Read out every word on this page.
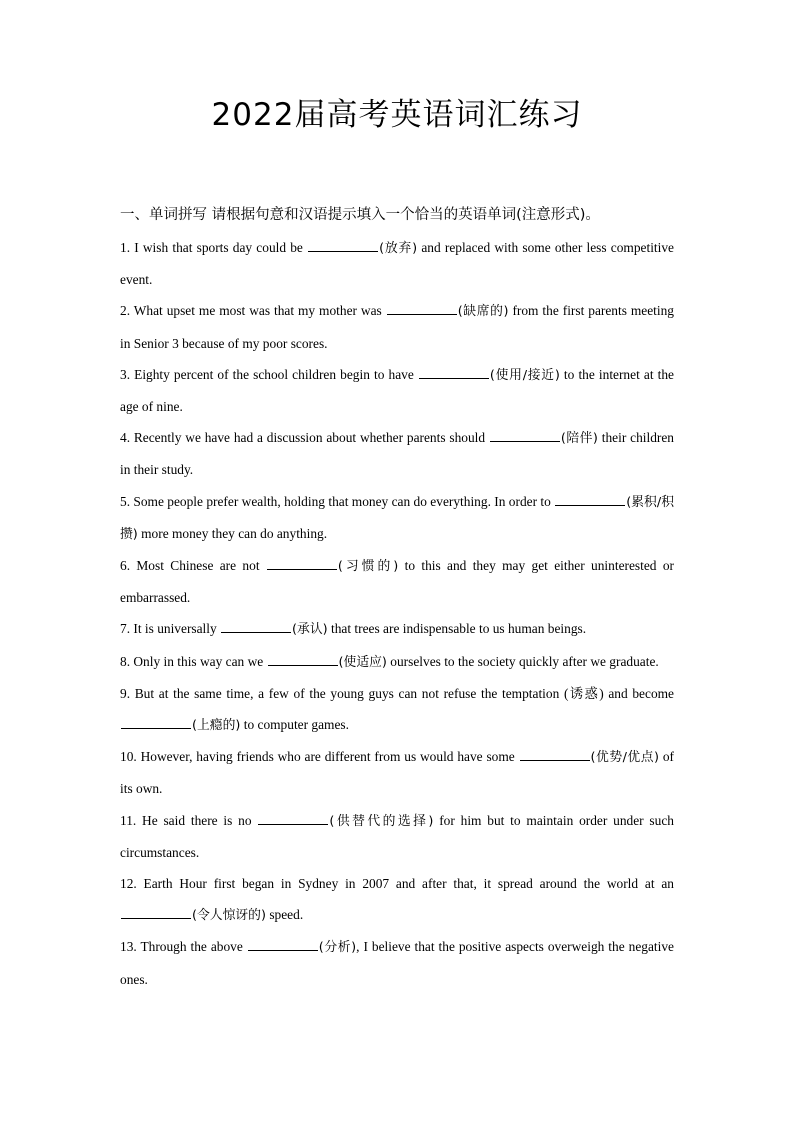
2022届高考英语词汇练习
一、单词拼写 请根据句意和汉语提示填入一个恰当的英语单词(注意形式)。
1. I wish that sports day could be	(放弃) and replaced with some other less competitive event.
2. What upset me most was that my mother was	(缺席的) from the first parents meeting in Senior 3 because of my poor scores.
3. Eighty percent of the school children begin to have	(使用/接近) to the internet at the age of nine.
4. Recently we have had a discussion about whether parents should	(陪伴) their children in their study.
5. Some people prefer wealth, holding that money can do everything. In order to	(累积/积攒) more money they can do anything.
6. Most Chinese are not	(习惯的) to this and they may get either uninterested or embarrassed.
7. It is universally	(承认) that trees are indispensable to us human beings.
8. Only in this way can we	(使适应) ourselves to the society quickly after we graduate.
9. But at the same time, a few of the young guys can not refuse the temptation (诱惑) and become (上瘾的) to computer games.
10. However, having friends who are different from us would have some	(优势/优点) of its own.
11. He said there is no	(供替代的选择) for him but to maintain order under such circumstances.
12. Earth Hour first began in Sydney in 2007 and after that, it spread around the world at an (令人惊讶的) speed.
13. Through the above	(分析), I believe that the positive aspects overweigh the negative ones.
